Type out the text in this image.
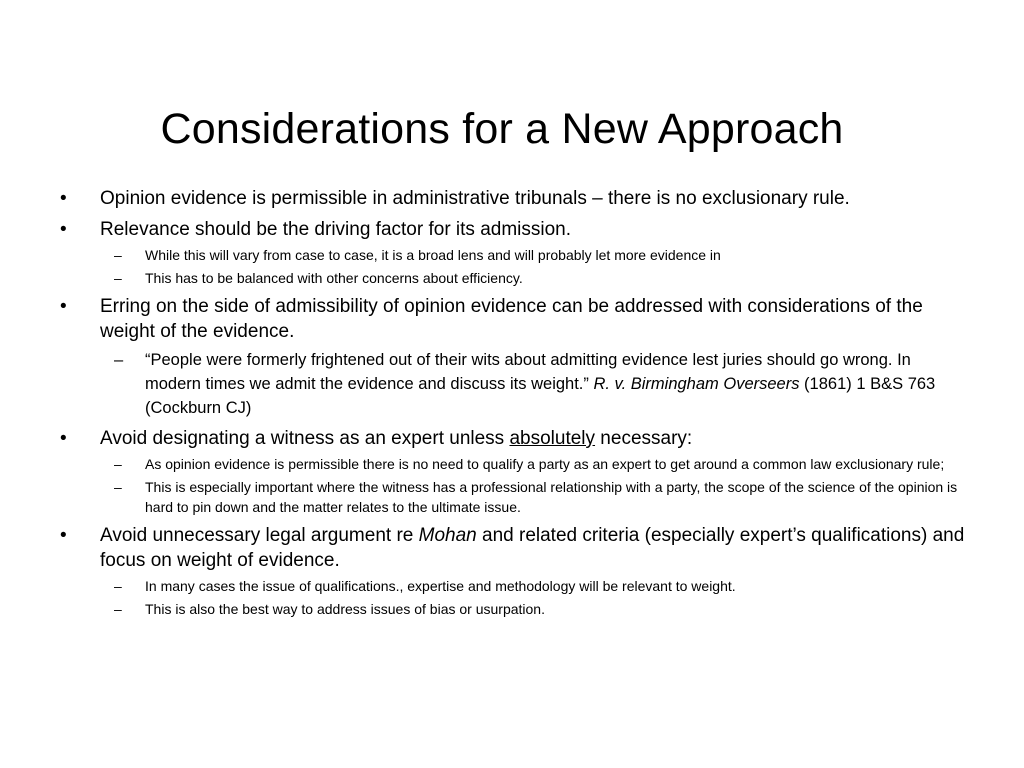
Considerations for a New Approach
• Opinion evidence is permissible in administrative tribunals – there is no exclusionary rule.
• Relevance should be the driving factor for its admission.
– While this will vary from case to case, it is a broad lens and will probably let more evidence in
– This has to be balanced with other concerns about efficiency.
• Erring on the side of admissibility of opinion evidence can be addressed with considerations of the weight of the evidence.
– “People were formerly frightened out of their wits about admitting evidence lest juries should go wrong. In modern times we admit the evidence and discuss its weight.” R. v. Birmingham Overseers (1861) 1 B&S 763 (Cockburn CJ)
• Avoid designating a witness as an expert unless absolutely necessary:
– As opinion evidence is permissible there is no need to qualify a party as an expert to get around a common law exclusionary rule;
– This is especially important where the witness has a professional relationship with a party, the scope of the science of the opinion is hard to pin down and the matter relates to the ultimate issue.
• Avoid unnecessary legal argument re Mohan and related criteria (especially expert’s qualifications) and focus on weight of evidence.
– In many cases the issue of qualifications., expertise and methodology will be relevant to weight.
– This is also the best way to address issues of bias or usurpation.
